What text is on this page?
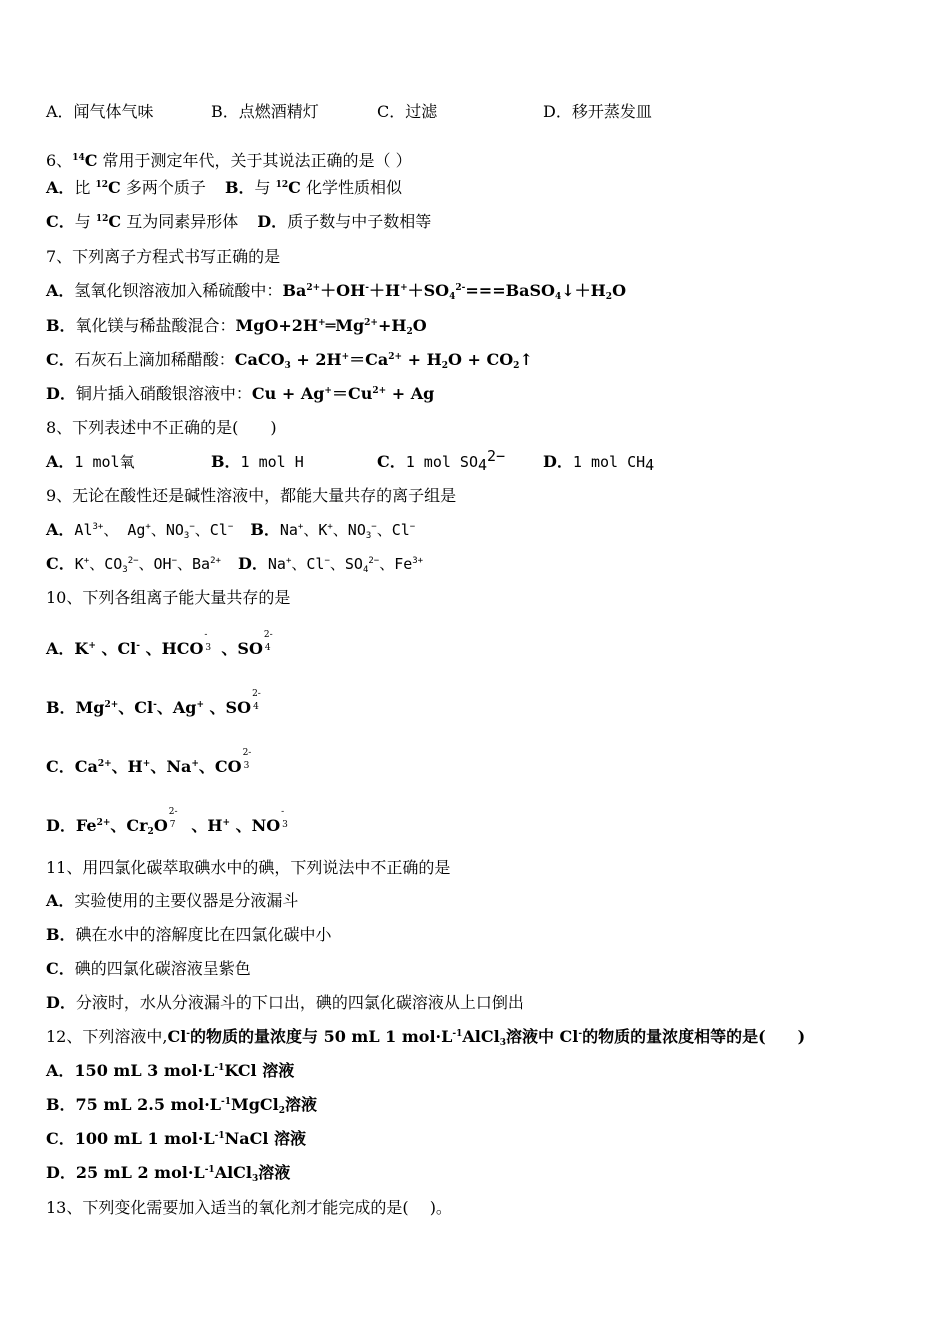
A．闻气体气味	B．点燃酒精灯	C．过滤	D．移开蒸发皿
6、$^{14}$C 常用于测定年代，关于其说法正确的是（ ）
A．比 $^{12}$C 多两个质子 B．与 $^{12}$C 化学性质相似
C．与 $^{12}$C 互为同素异形体 D．质子数与中子数相等
7、下列离子方程式书写正确的是
A．氢氧化钡溶液加入稀硫酸中：$Ba^{2+}+OH^-+H^++SO_4^{2-}===BaSO_4↓+H_2O$
B．氧化镁与稀盐酸混合：$MgO+2H^+═Mg^{2+}+H_2O$
C．石灰石上滴加稀醋酸：CaCO$_3$ + $2H^+=Ca^{2+} + H_2O$ + $CO_2↑$
D．铜片插入硝酸银溶液中：$Cu + Ag^+=Cu^{2+} + Ag$
8、下列表述中不正确的是(　　)
A．1 mol氧	B．1 mol H	C．1 mol $SO_4^{2-}$ D．1 mol $CH_4$
9、无论在酸性还是碱性溶液中，都能大量共存的离子组是
A．$Al^{3+}$、 Ag+、$NO_3^-$、Cl− B．Na+、K+、$NO_3^-$、Cl−
C．K+、$CO_3^{2-}$、OH−、$Ba^{2+}$ D．Na+、Cl−、$SO_4^{2-}$、$Fe^{3+}$
10、下列各组离子能大量共存的是
A．K+ 、Cl- 、HCO
-
3 、SO
2-
4
B．$Mg^{2+}$、Cl-、Ag+ 、SO
2-
4
C．$Ca^{2+}$、H+、Na+、CO
2-
3
D．$Fe^{2+}$、$Cr_2O$
2-
7 、H+ 、NO
-
3
11、用四氯化碳萃取碘水中的碘，下列说法中不正确的是
A．实验使用的主要仪器是分液漏斗
B．碘在水中的溶解度比在四氯化碳中小
C．碘的四氯化碳溶液呈紫色
D．分液时，水从分液漏斗的下口出，碘的四氯化碳溶液从上口倒出
12、下列溶液中,Cl-的物质的量浓度与 50 mL 1 $mol\cdot L^{-1}AlCl_3$溶液中 Cl-的物质的量浓度相等的是(　　)
A．150 mL 3 $mol\cdot L^{-1}KCl$ 溶液
B．75 mL 2.5 $mol\cdot L^{-1}MgCl_2$溶液
C．100 mL 1 $mol\cdot L^{-1}NaCl$ 溶液
D．25 mL 2 $mol\cdot L^{-1}AlCl_3$溶液
13、下列变化需要加入适当的氧化剂才能完成的是(　 )。
